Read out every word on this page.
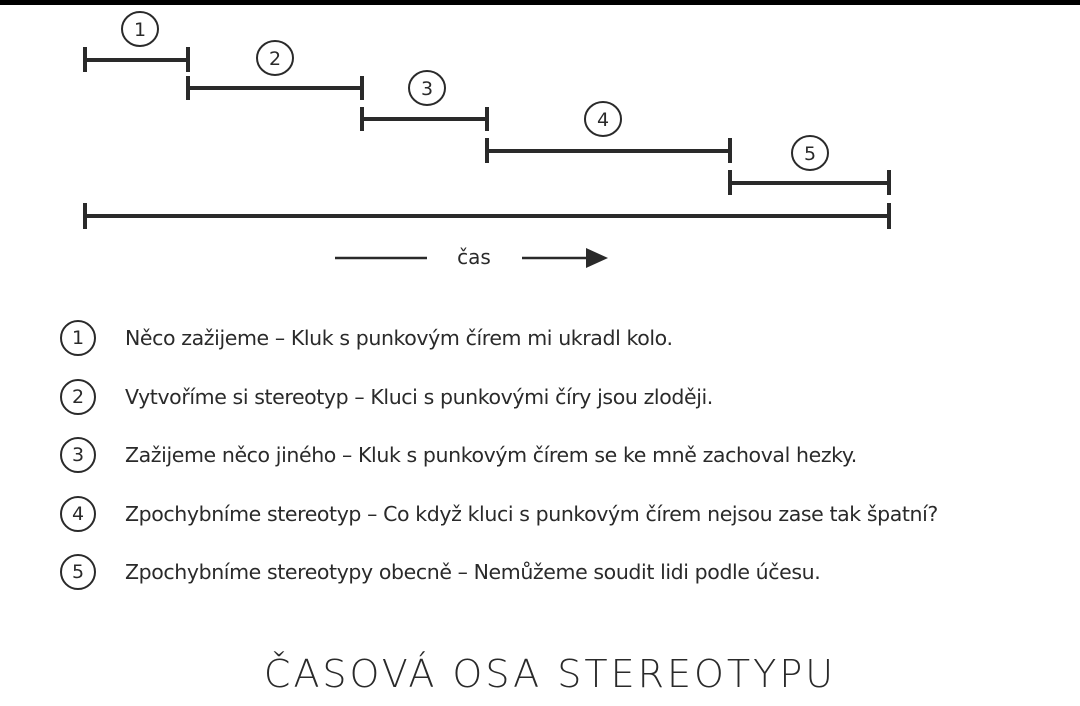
1
2
3
4
5
čas
1	Něco zažijeme – Kluk s punkovým čírem mi ukradl kolo.
2	Vytvoříme si stereotyp – Kluci s punkovými číry jsou zloději.
3	Zažijeme něco jiného – Kluk s punkovým čírem se ke mně zachoval hezky.
4	Zpochybníme stereotyp – Co když kluci s punkovým čírem nejsou zase tak špatní?
5	Zpochybníme stereotypy obecně – Nemůžeme soudit lidi podle účesu.
ČASOVÁ OSA STEREOTYPU
